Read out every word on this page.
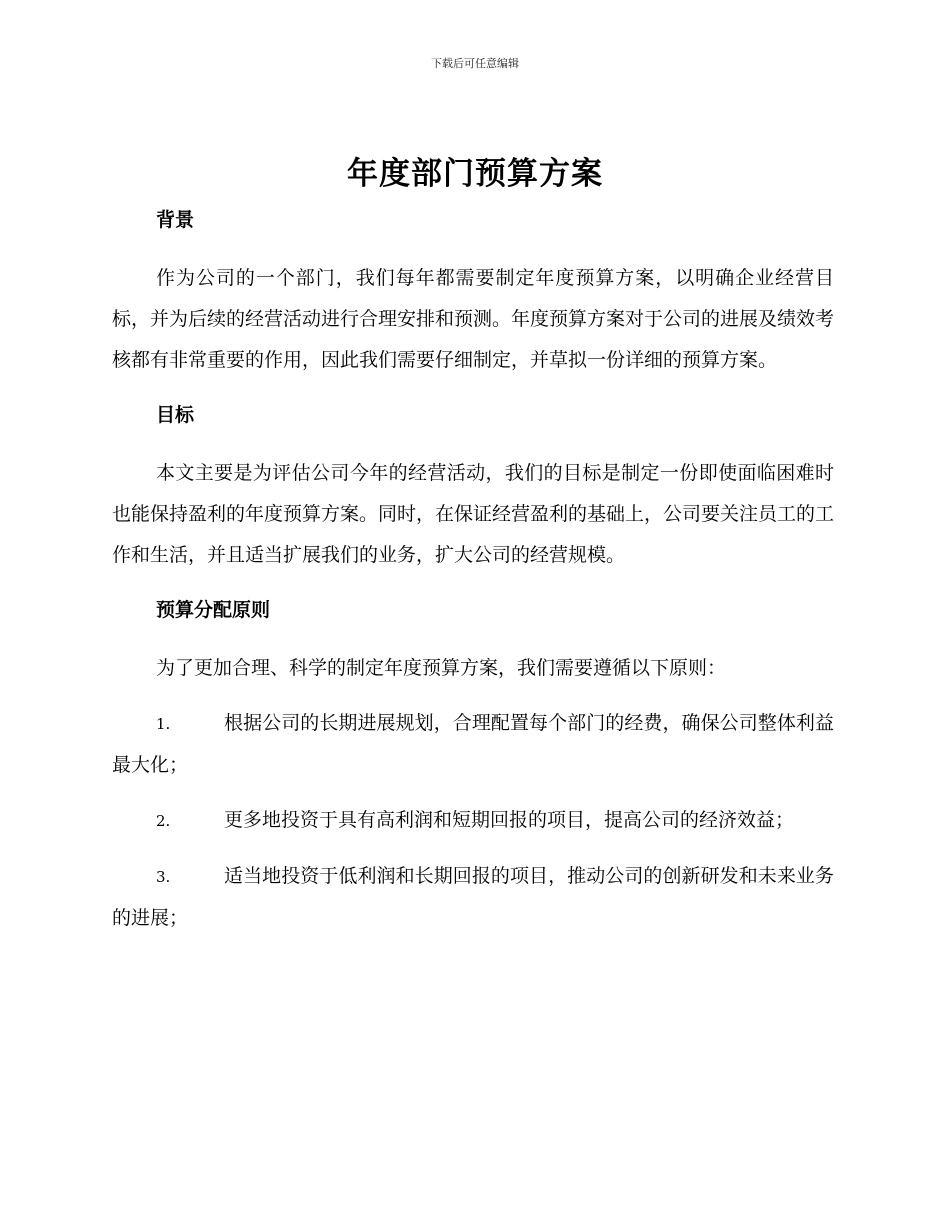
下载后可任意编辑
年度部门预算方案
背景

作为公司的一个部门，我们每年都需要制定年度预算方案，以明确企业经营目标，并为后续的经营活动进行合理安排和预测。年度预算方案对于公司的进展及绩效考核都有非常重要的作用，因此我们需要仔细制定，并草拟一份详细的预算方案。

目标

本文主要是为评估公司今年的经营活动，我们的目标是制定一份即使面临困难时也能保持盈利的年度预算方案。同时，在保证经营盈利的基础上，公司要关注员工的工作和生活，并且适当扩展我们的业务，扩大公司的经营规模。

预算分配原则

为了更加合理、科学的制定年度预算方案，我们需要遵循以下原则：

1.	根据公司的长期进展规划，合理配置每个部门的经费，确保公司整体利益最大化；

2.	更多地投资于具有高利润和短期回报的项目，提高公司的经济效益；

3.	适当地投资于低利润和长期回报的项目，推动公司的创新研发和未来业务的进展；
